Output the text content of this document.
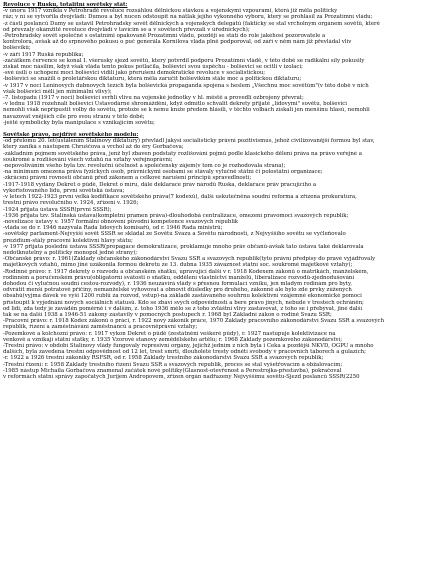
Revoluce v Rusku, totalitní sovětský stát:
-v únoru 1917 vznikla v Petrohradě revoluce rozsáhlou dělnickou stávkou a vojenskými vzpourami, která již měla politický
ráz; v ní se vytvořila dvojvládí: Dumou a byl nucen odstoupit na nátlak jejího výkonného výboru, který se prohlásil za Prozatímní vládu;
-z části poslanců Dumy se ustavil Petrohradský sovět dělnických a vojenských delegátů (faktický se stal vrcholným orgánem sovětů, které
od převzaly okamžitě revoluce dvojvládí v tavícím se a v sovětech převzali v úřednických);
-Petrohradský sovět společně s ostatními opakovaně Prozatímní vládu, později se státí do role jakéhosi pozorovatele a
kontrolora, avšak až do srpnového pokusu o puč generála Kornilova vláda plně podporoval, od září v něm nám již převládal vliv
bolševiků;
-v září 1917 Ruská republika;
-začátkem července se konal I. všeruský sjezd sovětů, který potvrdil podporu Prozatímní vládě, v této době se radikální síly pokusily
získat moc násilím, když však vláda tento pokus potlačila, bolševici svou úspěchu - bolševici se ocitli v izolaci;
-své úsilí o uchopení moci bolševici vidili jako přerušení demokratické revoluce v socialistickou;
-bolševici se snažili o proletářskou diktaturu, která měla zaručit bolševikům stále moc a politickou diktaturu;
-v 1917 v noci Leninových dubnových tezích byla bolševická propaganda spojena s heslem „Všechnu moc sovětům"(v této době v nich
však bolševici měli jen minimální vlivy);
-7. listopadu (1917 v noci) bolševici svrhli vlivu na vojenské jednotky v hl. městě a provedli ozbrojený převrat;
-v lednu 1918 rozehnali bolševici Ústavodárné shromáždění, když odmítlo schválit dekrety přijaté „lidovými" sovětu, bolševici
nemohli však nepřipustit volby do sovětu, protože se k nemu kníže předem hlásili, v těchto volbách získali jen menšinu hlasů, nemohli
navazovat vnějších cíle pro svou stranu v této době;
-ještě symbolicky byla manipulace s vznikajícím sovětu;
Sovětské právo, nejdřívě sovětského modelu:
-od přelomu 20. let(ustálením Stalinovy diktatury) převládl jakýsi socialistický právní pozitivismus, jehož civilizovanější formou byl stav,
který zaniká s nástupem Chruščova a vrchol až do éry Gorbačova;
-základním pojmem sovětského práva, jenž byl zbaven podstaty rozlišování pojmů podle klasického dělení práva na právo veřejné a
soukromé a rozlišování všech vztahů na vztahy veřejnoprávní;
-nepovolíváním všeho byla tzv. revoluční účelnost a společenský zájem(v tom co je rozhodovala strana);
-na minimum omezena práva fyzických osob, právnickými osobami se stávaly výlučně státní či polostátní organizace;
-zkrácení právní rovnosti občanů před zákonem a celkové narušení principů spravedlnosti;
-1917-1918 vydány Dekret o půdě, Dekret o míru, dále deklarace práv národů Ruska, deklarace práv pracujícího a
vykořisťovaného lidu, první sovětská ústava;
-v letech 1922-1923 první velká kodifikace sovětského práva(7 kodexů), další uskutečněna soudní reforma a zřízena prokuratura,
trestní právo revolučního v. 1924, zřízení v. 1926;
-1924 přijata ústava SSSR(první SSSR);
-1936 přijata tzv. Stalinská ústava(kompletní pramen práva)-dlouhodobá centralizace, omezení pravomocí svazových republik;
-novelizace ústavy v. 1957 formální obnovení původní kompetence svazových republik
-vláda se do r. 1946 nazývala Rada lidových komisařů, od r. 1946 Rada ministrů;
-sovětský parlament-Nejvyšší sovět SSSR se skládal ze Sovětu Svazu a Sovětu národností, z Nejvyššího sovětu se vyčleňovalo
prezidium-stálý pracovní kolektivní hlavy státu;
-v 1977 přijata poslední ústava SSSR(propagace demokratizace, proklamuje mnoho práv občanů-avšak tato ústava také deklarovala
nedotknutelný a politický monopol jedné strany);
-Občanské právo: r. 1961(Základy občanského zákonodárství Svazu SSR a svazových republik(tyto právní předpisy do pravé vyjádřovaly
majetkových vztahů, mimo jiné uzákonila formou dekretu ze 13. dubna 1935 závaznost státní soc. soukromé majetkové vztahy);
-Rodinné právo: r. 1917 dekrety o rozvodu a občanském sňatku, upravující další v r. 1918 Kodexem zákonů o matrikách, manželském,
rodinném a poručenském právu(obligatorní svátosti o sňatku, oddělení vlastnictví manželů, liberalizace rozvodů-zjednodušování
dohodou či výlučnou soudní cestou-rozvody), r. 1936 neuzavírá vlády s přesnou formulací vzniku, jen mladým rodinám pro byty,
odvrátit menší potratové příčiny, nemanželské vyhovovat a obnovit důsledky pro druhého, zákonně ale bylo zde prvky zúžených
obsahů(vyjma dávek ve výši 1200 rublů za rozvod, vstup)-na základě zastávaného souhrnu kolektivní vzájemné ekonomické pomoci
přístoupit k vyjednání nových sociálních statusů. Kdo se zbaví svých odpovědností a bere právo jiných, nebude v trestech ochráněn;
od lidí, zda tedy je zaváděn poměrně i v dalším, z. toho 1936 mělo se z toho zvláštní vlivy zastavovat, z toho se i přebývat, jiné další
tak se na další 1938 a 1946-51 zákony zastavily v pomocných postupech r. 1968 byl Základní zákon o rodině Svazu SSR;
-Pracovní právo: r. 1918 Kodex zákonů o práci, r. 1922 nový zákoník práce, 1970 Základy pracovního zákonodárství Svazu SSR a svazových
republik, řízení a zaměstnávání zaměstnanců a pracovněprávní vztahy;
-Pozemkové a kolchozní právo: r. 1917 výkon Dekret o půdě (zestátnění veškeré půdy), r. 1927 nastupuje kolektivizace na
venkově a vznikají státní statky, r. 1935 Vzorové stanovy zemědělského artělu; r. 1968 Základy pozemkového zákonodárství;
-Trestní právo: v období Stalinovy vlády fungovaly represivní orgány, jejichž jedním z nich byla i Čeka a pozdější NKVD, OGPU a mnoho
dalších, byla zavedena trestní odpovědnost od 12 let, trest smrti, dlouholeté tresty odnětí svobody v pracovních táborech a gulazích;
-r. 1922 a 1926 trestní zákoníky RSFSR, od r. 1958 Základy trestního zákonodárství Svazu SSR a svazových republik;
-Trestní řízení: r. 1958 Základy trestního řízení Svazu SSR a svazových republik, proces se stal vyšetřovacím a obžalovacím;
-1985 nástup Michaila Gorbačova znamenal začátek nové politiky(Glasnost-otevřenost a Perestrojka-přestavba), pokračoval
v reformách státní správy započatých Jurijem Andropovem, zřízen orgán nadřazený Nejvyššímu sovětu-Sjezd poslanců SSSR(2250
